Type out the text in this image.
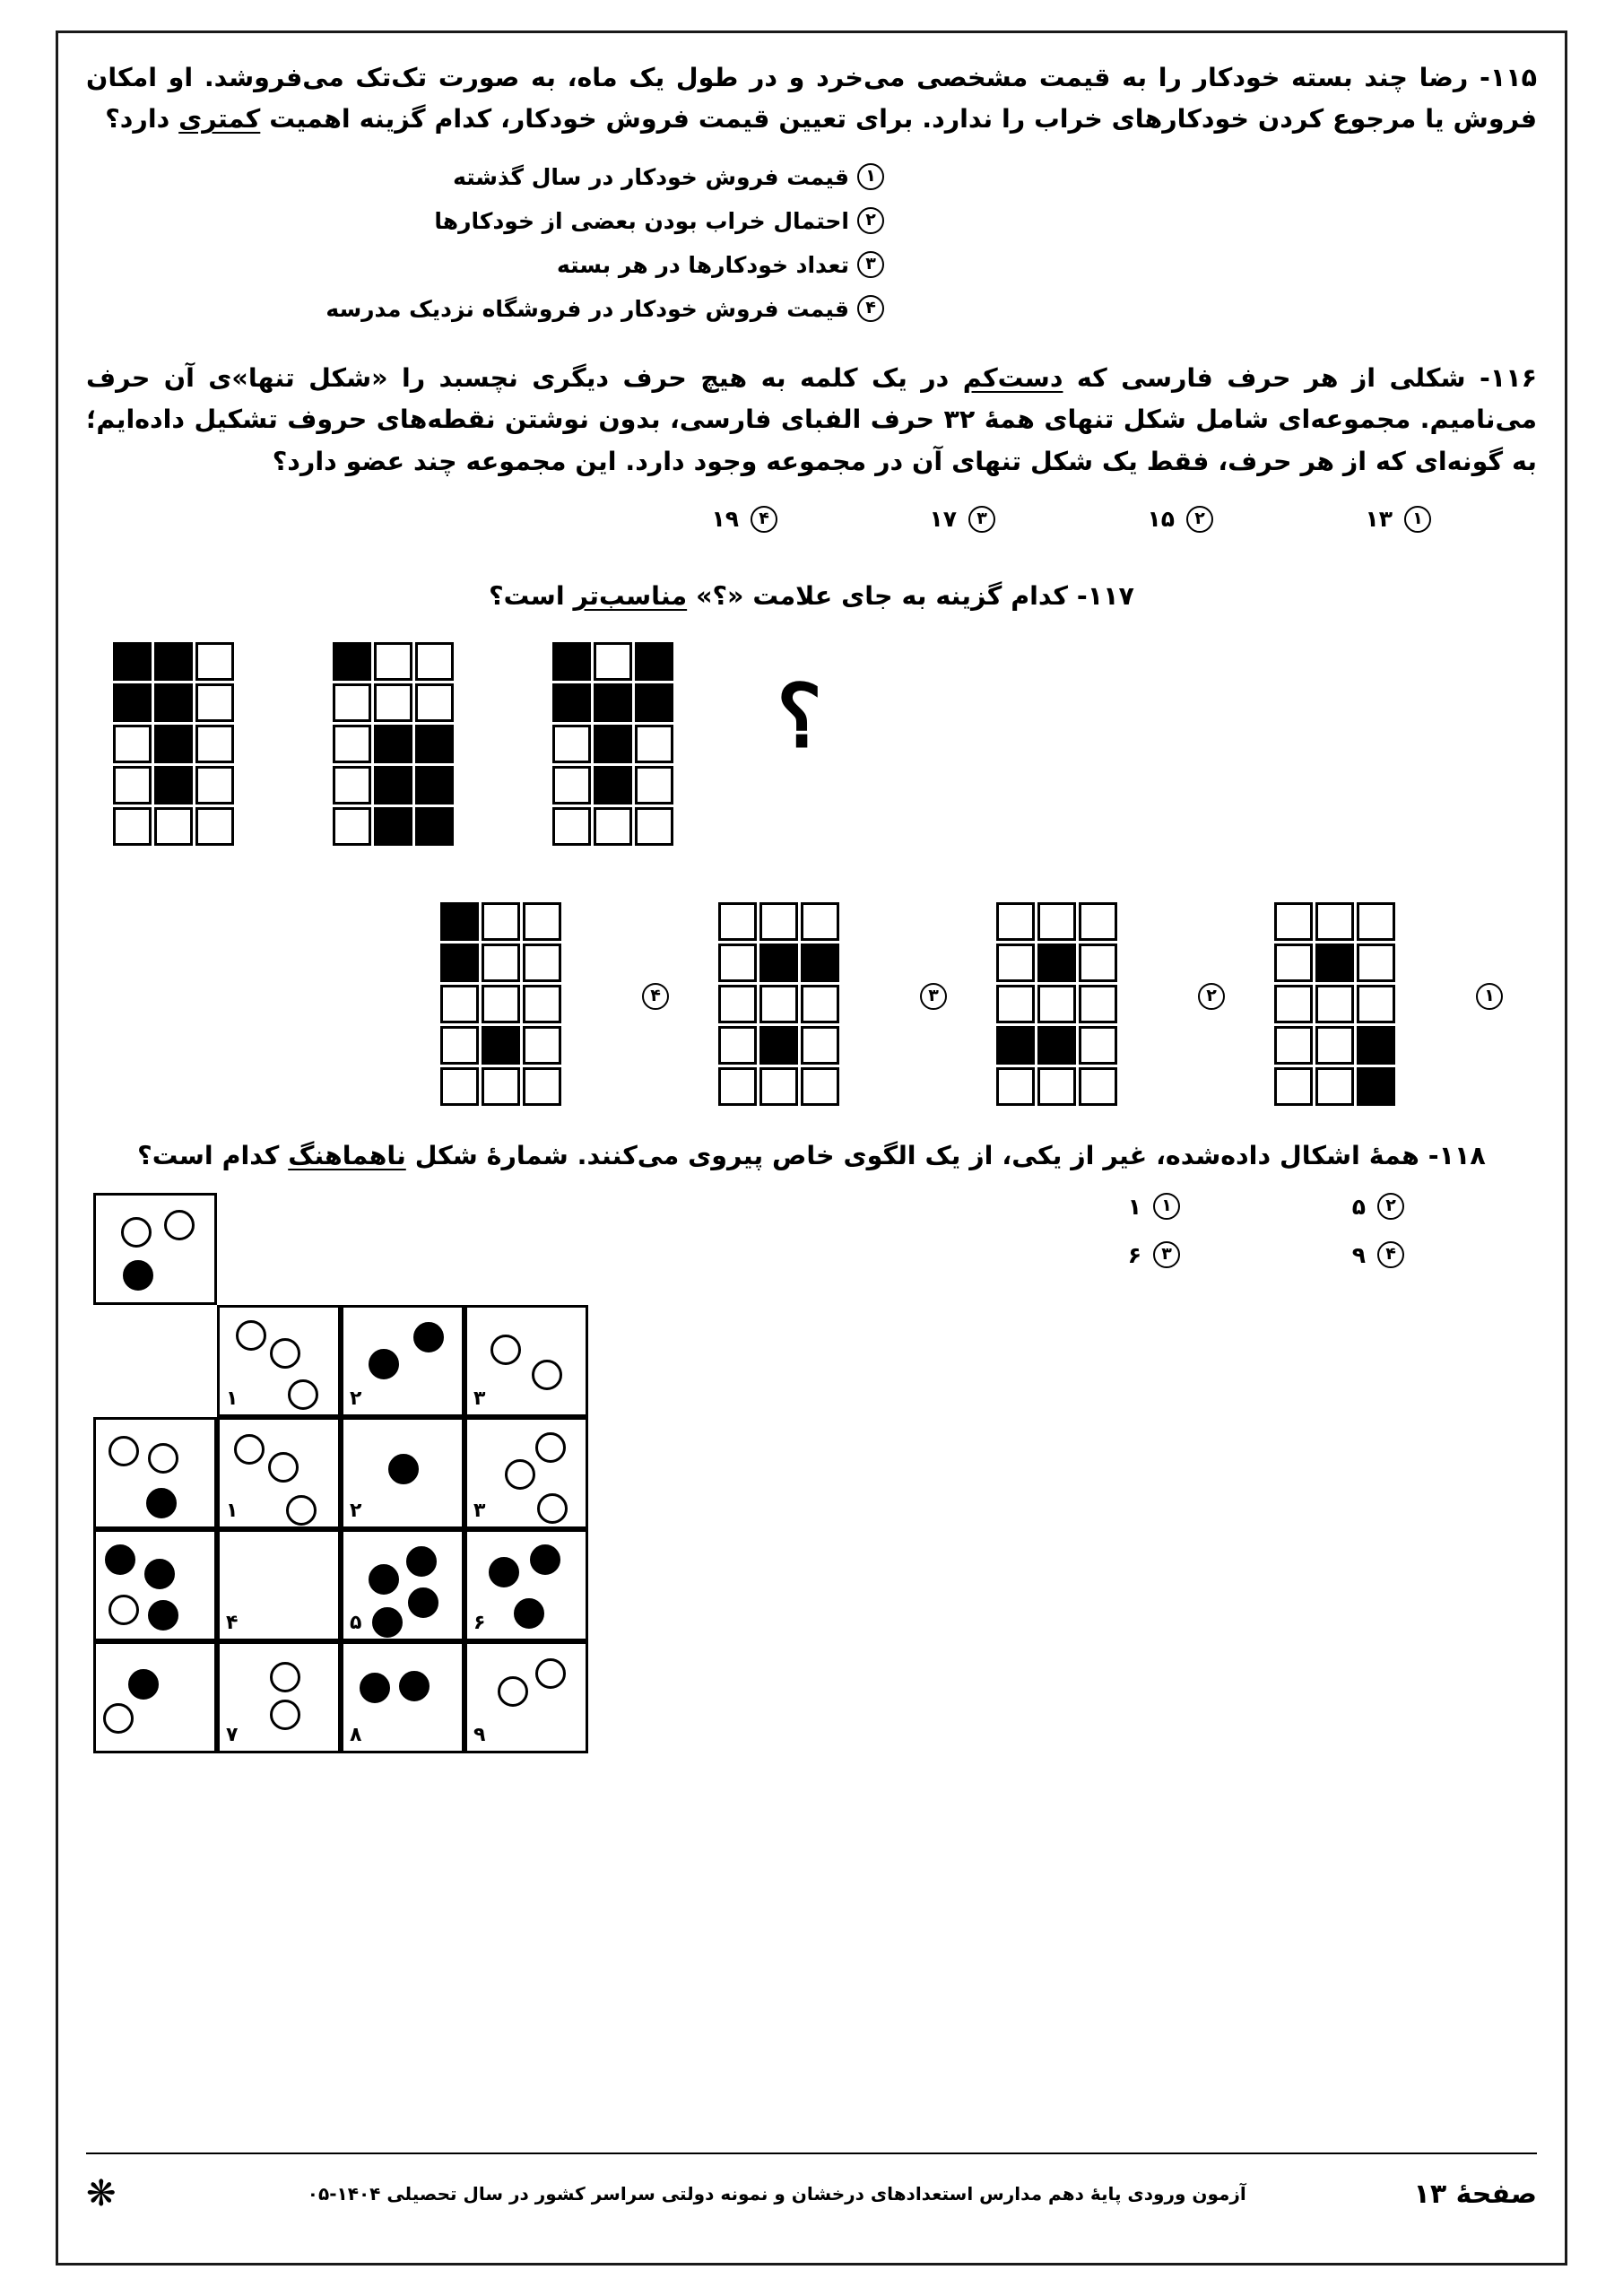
۱۱۵- رضا چند بسته خودکار را به قیمت مشخصی می‌خرد و در طول یک ماه، به صورت تک‌تک می‌فروشد. او امکان فروش یا مرجوع کردن خودکارهای خراب را ندارد. برای تعیین قیمت فروش خودکار، کدام گزینه اهمیت کمتری دارد؟
۱
قیمت فروش خودکار در سال گذشته
۲
احتمال خراب بودن بعضی از خودکارها
۳
تعداد خودکارها در هر بسته
۴
قیمت فروش خودکار در فروشگاه نزدیک مدرسه
۱۱۶- شکلی از هر حرف فارسی که دست‌کم در یک کلمه به هیچ حرف دیگری نچسبد را «شکل تنها»ی آن حرف می‌نامیم. مجموعه‌ای شامل شکل تنهای همهٔ ۳۲ حرف الفبای فارسی، بدون نوشتن نقطه‌های حروف تشکیل داده‌ایم؛ به گونه‌ای که از هر حرف، فقط یک شکل تنهای آن در مجموعه وجود دارد. این مجموعه چند عضو دارد؟
۱
۱۳
۲
۱۵
۳
۱۷
۴
۱۹
۱۱۷- کدام گزینه به جای علامت «؟» مناسب‌تر است؟
؟
۴	۳	۲	۱
۱۱۸- همهٔ اشکال داده‌شده، غیر از یکی، از یک الگوی خاص پیروی می‌کنند. شمارهٔ شکل ناهماهنگ کدام است؟
۱	۲	۳
۱	۲	۳
۴	۵	۶
۷	۸	۹
۲
۵
۱
۱
۴
۹
۳
۶
صفحهٔ ۱۳
آزمون ورودی پایهٔ دهم مدارس استعدادهای درخشان و نمونه دولتی سراسر کشور در سال تحصیلی ۱۴۰۴-۰۵
❋
